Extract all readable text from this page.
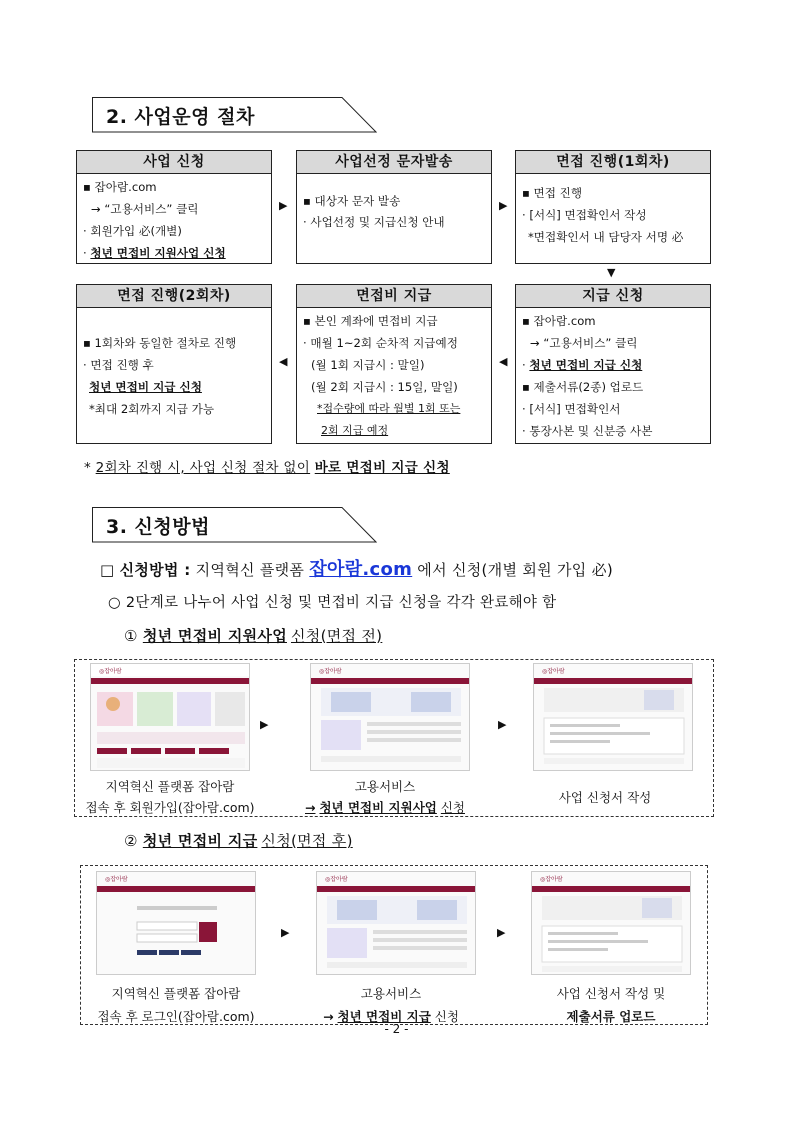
2. 사업운영 절차
사업 신청
▪ 잡아람.com
→ “고용서비스” 클릭
· 회원가입 必(개별)
· 청년 면접비 지원사업 신청
▶
사업선정 문자발송
▪ 대상자 문자 발송
· 사업선정 및 지급신청 안내
▶
면접 진행(1회차)
▪ 면접 진행
· [서식] 면접확인서 작성
*면접확인서 내 담당자 서명 必
▼
면접 진행(2회차)
▪ 1회차와 동일한 절차로 진행
· 면접 진행 후
청년 면접비 지급 신청
*최대 2회까지 지급 가능
◀
면접비 지급
▪ 본인 계좌에 면접비 지급
· 매월 1~2회 순차적 지급예정
(월 1회 지급시 : 말일)
(월 2회 지급시 : 15일, 말일)
*접수량에 따라 월별 1회 또는
2회 지급 예정
◀
지급 신청
▪ 잡아람.com
→ “고용서비스” 클릭
· 청년 면접비 지급 신청
▪ 제출서류(2종) 업로드
· [서식] 면접확인서
· 통장사본 및 신분증 사본
* 2회차 진행 시, 사업 신청 절차 없이 바로 면접비 지급 신청
3. 신청방법
□ 신청방법 : 지역혁신 플랫폼 잡아람.com 에서 신청(개별 회원 가입 必)
○ 2단계로 나누어 사업 신청 및 면접비 지급 신청을 각각 완료해야 함
① 청년 면접비 지원사업 신청(면접 전)
◎잡아람
▶
◎잡아람
▶
◎잡아람
지역혁신 플랫폼 잡아람
접속 후 회원가입(잡아람.com)
고용서비스
→ 청년 면접비 지원사업 신청
사업 신청서 작성
② 청년 면접비 지급 신청(면접 후)
◎잡아람
▶
◎잡아람
▶
◎잡아람
지역혁신 플랫폼 잡아람
접속 후 로그인(잡아람.com)
고용서비스
→ 청년 면접비 지급 신청
사업 신청서 작성 및
제출서류 업로드
- 2 -
